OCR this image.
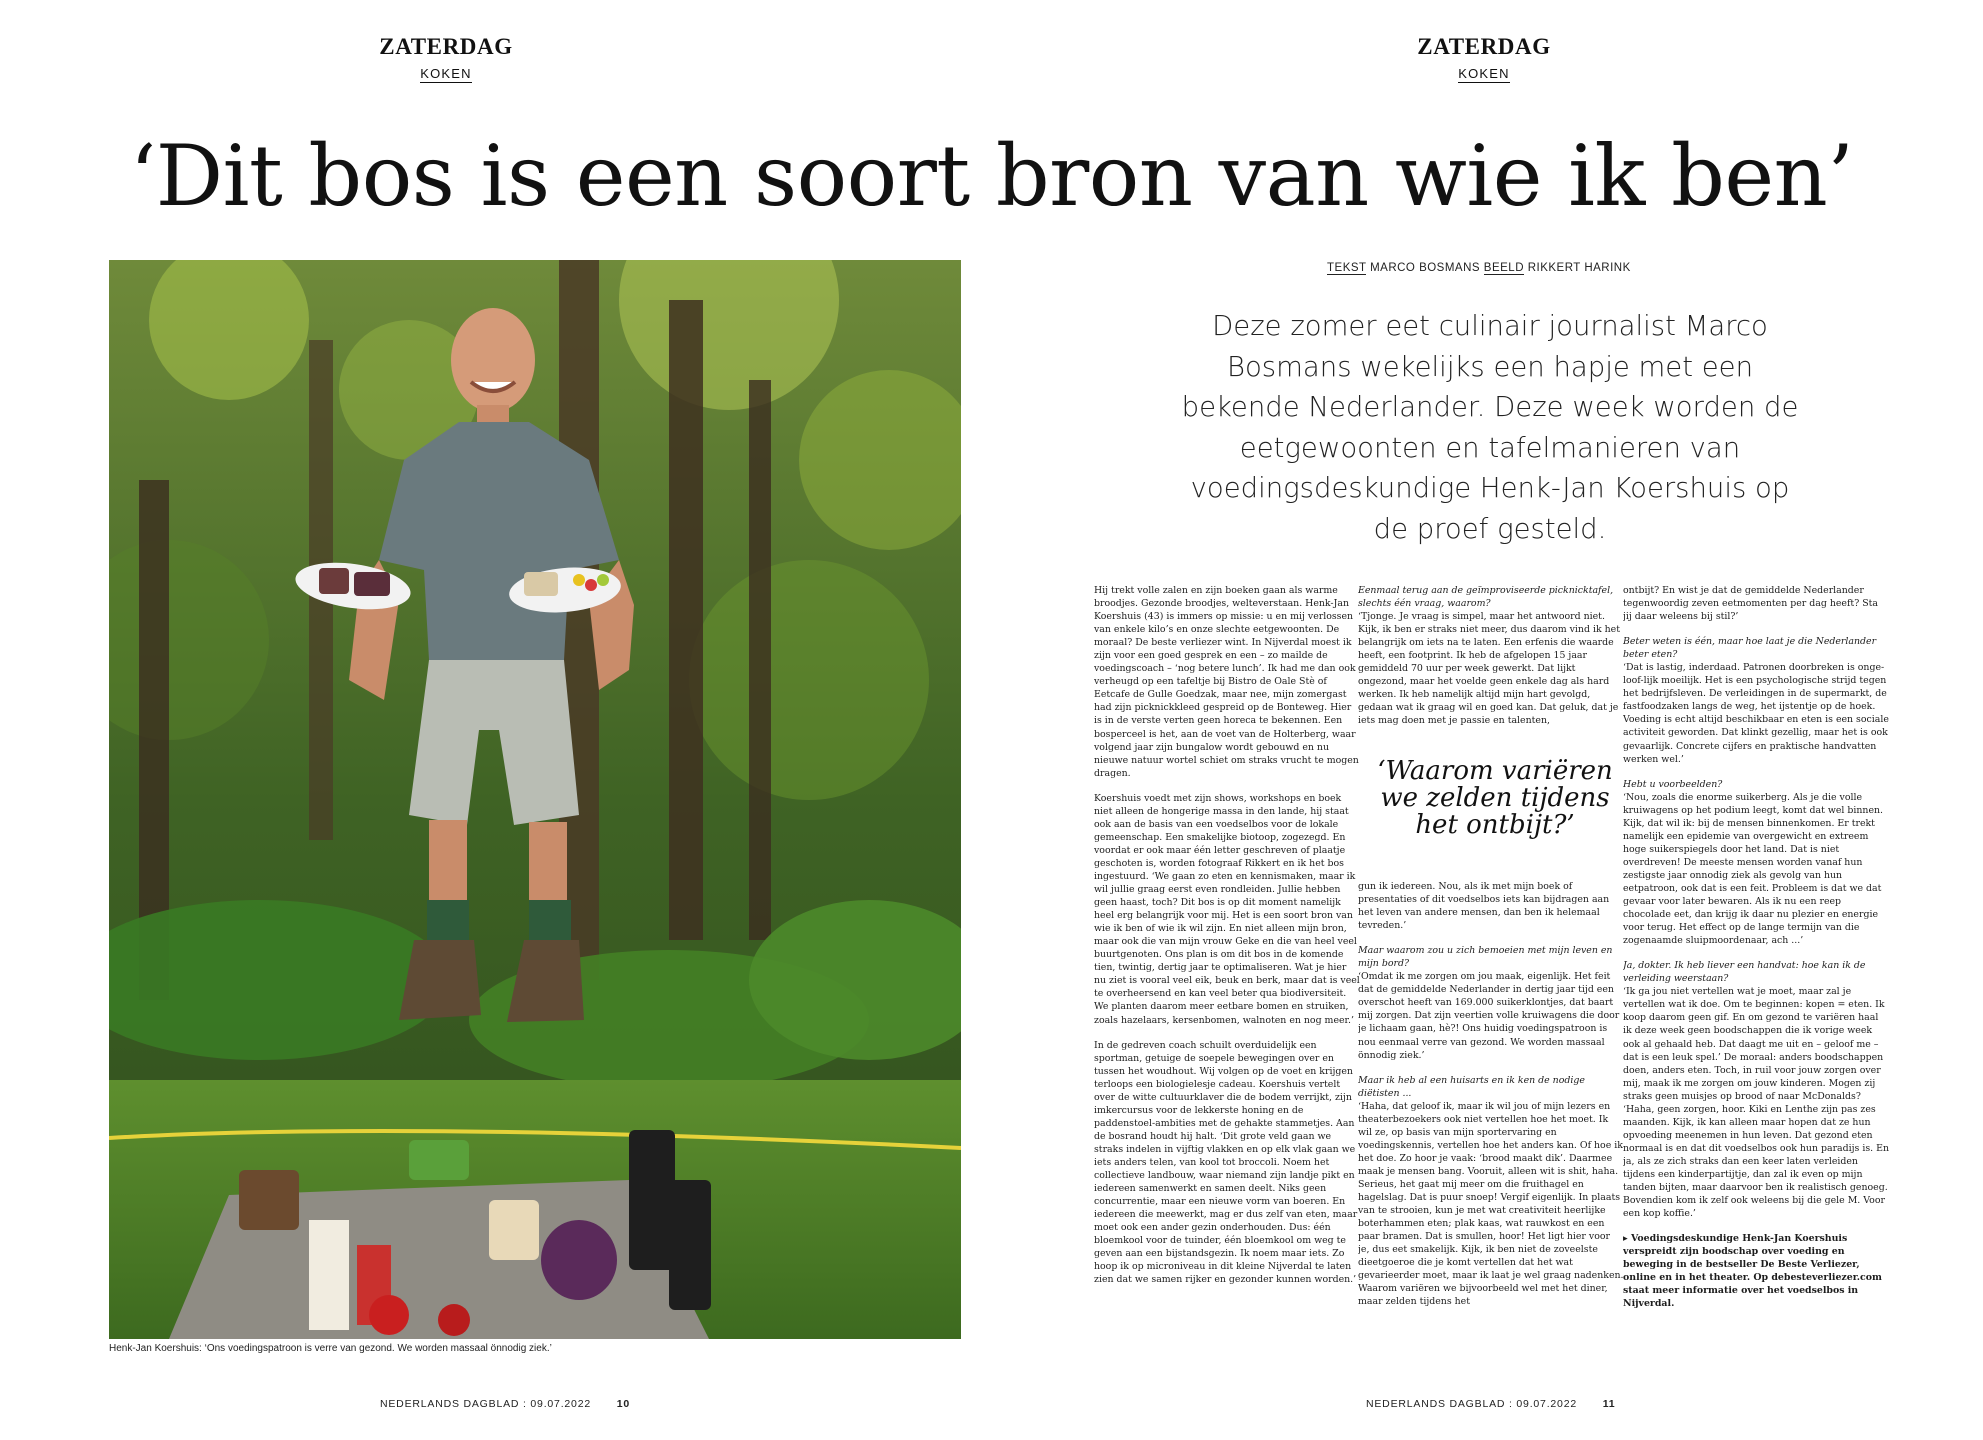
ZATERDAG
KOKEN
ZATERDAG
KOKEN
‘Dit bos is een soort bron van wie ik ben’
Henk-Jan Koershuis: ‘Ons voedingspatroon is verre van gezond. We worden massaal önnodig ziek.’
TEKST MARCO BOSMANS BEELD RIKKERT HARINK
Deze zomer eet culinair journalist Marco Bosmans wekelijks een hapje met een bekende Nederlander. Deze week worden de eetgewoonten en tafelmanieren van voedingsdeskundige Henk-Jan Koershuis op de proef gesteld.

Hij trekt volle zalen en zijn boeken gaan als warme broodjes. Gezonde broodjes, welteverstaan. Henk-Jan Koershuis (43) is immers op missie: u en mij verlossen van enkele kilo’s en onze slechte eetgewoonten. De moraal? De beste verliezer wint. In Nijverdal moest ik zijn voor een goed gesprek en een – zo mailde de voedingscoach – ‘nog betere lunch’. Ik had me dan ook verheugd op een tafeltje bij Bistro de Oale Stè of Eetcafe de Gulle Goedzak, maar nee, mijn zomergast had zijn picknickkleed gespreid op de Bonteweg. Hier is in de verste verten geen horeca te bekennen. Een bosperceel is het, aan de voet van de Holterberg, waar volgend jaar zijn bungalow wordt gebouwd en nu nieuwe natuur wortel schiet om straks vrucht te mogen dragen.

Koershuis voedt met zijn shows, workshops en boek niet alleen de hongerige massa in den lande, hij staat ook aan de basis van een voedselbos voor de lokale gemeenschap. Een smakelijke biotoop, zogezegd. En voordat er ook maar één letter geschreven of plaatje geschoten is, worden fotograaf Rikkert en ik het bos ingestuurd. ‘We gaan zo eten en kennismaken, maar ik wil jullie graag eerst even rondleiden. Jullie hebben geen haast, toch? Dit bos is op dit moment namelijk heel erg belangrijk voor mij. Het is een soort bron van wie ik ben of wie ik wil zijn. En niet alleen mijn bron, maar ook die van mijn vrouw Geke en die van heel veel buurtgenoten. Ons plan is om dit bos in de komende tien, twintig, dertig jaar te optimaliseren. Wat je hier nu ziet is vooral veel eik, beuk en berk, maar dat is veel te overheersend en kan veel beter qua biodiversiteit. We planten daarom meer eetbare bomen en struiken, zoals hazelaars, kersenbomen, walnoten en nog meer.’

In de gedreven coach schuilt overduidelijk een sportman, getuige de soepele bewegingen over en tussen het woudhout. Wij volgen op de voet en krijgen terloops een biologielesje cadeau. Koershuis vertelt over de witte cultuurklaver die de bodem verrijkt, zijn imkercursus voor de lekkerste honing en de paddenstoel-ambities met de gehakte stammetjes. Aan de bosrand houdt hij halt. ‘Dit grote veld gaan we straks indelen in vijftig vlakken en op elk vlak gaan we iets anders telen, van kool tot broccoli. Noem het collectieve landbouw, waar niemand zijn landje pikt en iedereen samenwerkt en samen deelt. Niks geen concurrentie, maar een nieuwe vorm van boeren. En iedereen die meewerkt, mag er dus zelf van eten, maar moet ook een ander gezin onderhouden. Dus: één bloemkool voor de tuinder, één bloemkool om weg te geven aan een bijstandsgezin. Ik noem maar iets. Zo hoop ik op microniveau in dit kleine Nijverdal te laten zien dat we samen rijker en gezonder kunnen worden.’

Eenmaal terug aan de geïmproviseerde picknicktafel, slechts één vraag, waarom?

‘Tjonge. Je vraag is simpel, maar het antwoord niet. Kijk, ik ben er straks niet meer, dus daarom vind ik het belangrijk om iets na te laten. Een erfenis die waarde heeft, een footprint. Ik heb de afgelopen 15 jaar gemiddeld 70 uur per week gewerkt. Dat lijkt ongezond, maar het voelde geen enkele dag als hard werken. Ik heb namelijk altijd mijn hart gevolgd, gedaan wat ik graag wil en goed kan. Dat geluk, dat je iets mag doen met je passie en talenten,

‘Waarom variëren we zelden tijdens het ontbijt?’

gun ik iedereen. Nou, als ik met mijn boek of presentaties of dit voedselbos iets kan bijdragen aan het leven van andere mensen, dan ben ik helemaal tevreden.’

Maar waarom zou u zich bemoeien met mijn leven en mijn bord?

‘Omdat ik me zorgen om jou maak, eigenlijk. Het feit dat de gemiddelde Nederlander in dertig jaar tijd een overschot heeft van 169.000 suikerklontjes, dat baart mij zorgen. Dat zijn veertien volle kruiwagens die door je lichaam gaan, hè?! Ons huidig voedingspatroon is nou eenmaal verre van gezond. We worden massaal önnodig ziek.’

Maar ik heb al een huisarts en ik ken de nodige diëtisten ...

‘Haha, dat geloof ik, maar ik wil jou of mijn lezers en theaterbezoekers ook niet vertellen hoe het moet. Ik wil ze, op basis van mijn sportervaring en voedingskennis, vertellen hoe het anders kan. Of hoe ik het doe. Zo hoor je vaak: ‘brood maakt dik’. Daarmee maak je mensen bang. Vooruit, alleen wit is shit, haha. Serieus, het gaat mij meer om die fruithagel en hagelslag. Dat is puur snoep! Vergif eigenlijk. In plaats van te strooien, kun je met wat creativiteit heerlijke boterhammen eten; plak kaas, wat rauwkost en een paar bramen. Dat is smullen, hoor! Het ligt hier voor je, dus eet smakelijk. Kijk, ik ben niet de zoveelste dieetgoeroe die je komt vertellen dat het wat gevarieerder moet, maar ik laat je wel graag nadenken. Waarom variëren we bijvoorbeeld wel met het diner, maar zelden tijdens het

ontbijt? En wist je dat de gemiddelde Nederlander tegenwoordig zeven eetmomenten per dag heeft? Sta jij daar weleens bij stil?’

Beter weten is één, maar hoe laat je die Nederlander beter eten?

‘Dat is lastig, inderdaad. Patronen doorbreken is onge-loof-lijk moeilijk. Het is een psychologische strijd tegen het bedrijfsleven. De verleidingen in de supermarkt, de fastfoodzaken langs de weg, het ijstentje op de hoek. Voeding is echt altijd beschikbaar en eten is een sociale activiteit geworden. Dat klinkt gezellig, maar het is ook gevaarlijk. Concrete cijfers en praktische handvatten werken wel.’

Hebt u voorbeelden?

‘Nou, zoals die enorme suikerberg. Als je die volle kruiwagens op het podium leegt, komt dat wel binnen. Kijk, dat wil ik: bij de mensen binnenkomen. Er trekt namelijk een epidemie van overgewicht en extreem hoge suikerspiegels door het land. Dat is niet overdreven! De meeste mensen worden vanaf hun zestigste jaar onnodig ziek als gevolg van hun eetpatroon, ook dat is een feit. Probleem is dat we dat gevaar voor later bewaren. Als ik nu een reep chocolade eet, dan krijg ik daar nu plezier en energie voor terug. Het effect op de lange termijn van die zogenaamde sluipmoordenaar, ach ...’

Ja, dokter. Ik heb liever een handvat: hoe kan ik de verleiding weerstaan?

‘Ik ga jou niet vertellen wat je moet, maar zal je vertellen wat ik doe. Om te beginnen: kopen = eten. Ik koop daarom geen gif. En om gezond te variëren haal ik deze week geen boodschappen die ik vorige week ook al gehaald heb. Dat daagt me uit en – geloof me – dat is een leuk spel.’ De moraal: anders boodschappen doen, anders eten. Toch, in ruil voor jouw zorgen over mij, maak ik me zorgen om jouw kinderen. Mogen zij straks geen muisjes op brood of naar McDonalds? ‘Haha, geen zorgen, hoor. Kiki en Lenthe zijn pas zes maanden. Kijk, ik kan alleen maar hopen dat ze hun opvoeding meenemen in hun leven. Dat gezond eten normaal is en dat dit voedselbos ook hun paradijs is. En ja, als ze zich straks dan een keer laten verleiden tijdens een kinderpartijtje, dan zal ik even op mijn tanden bijten, maar daarvoor ben ik realistisch genoeg. Bovendien kom ik zelf ook weleens bij die gele M. Voor een kop koffie.’

▸ Voedingsdeskundige Henk-Jan Koershuis verspreidt zijn boodschap over voeding en beweging in de bestseller De Beste Verliezer, online en in het theater. Op debesteverliezer.com staat meer informatie over het voedselbos in Nijverdal.

NEDERLANDS DAGBLAD : 09.07.2022 10	NEDERLANDS DAGBLAD : 09.07.2022 11
